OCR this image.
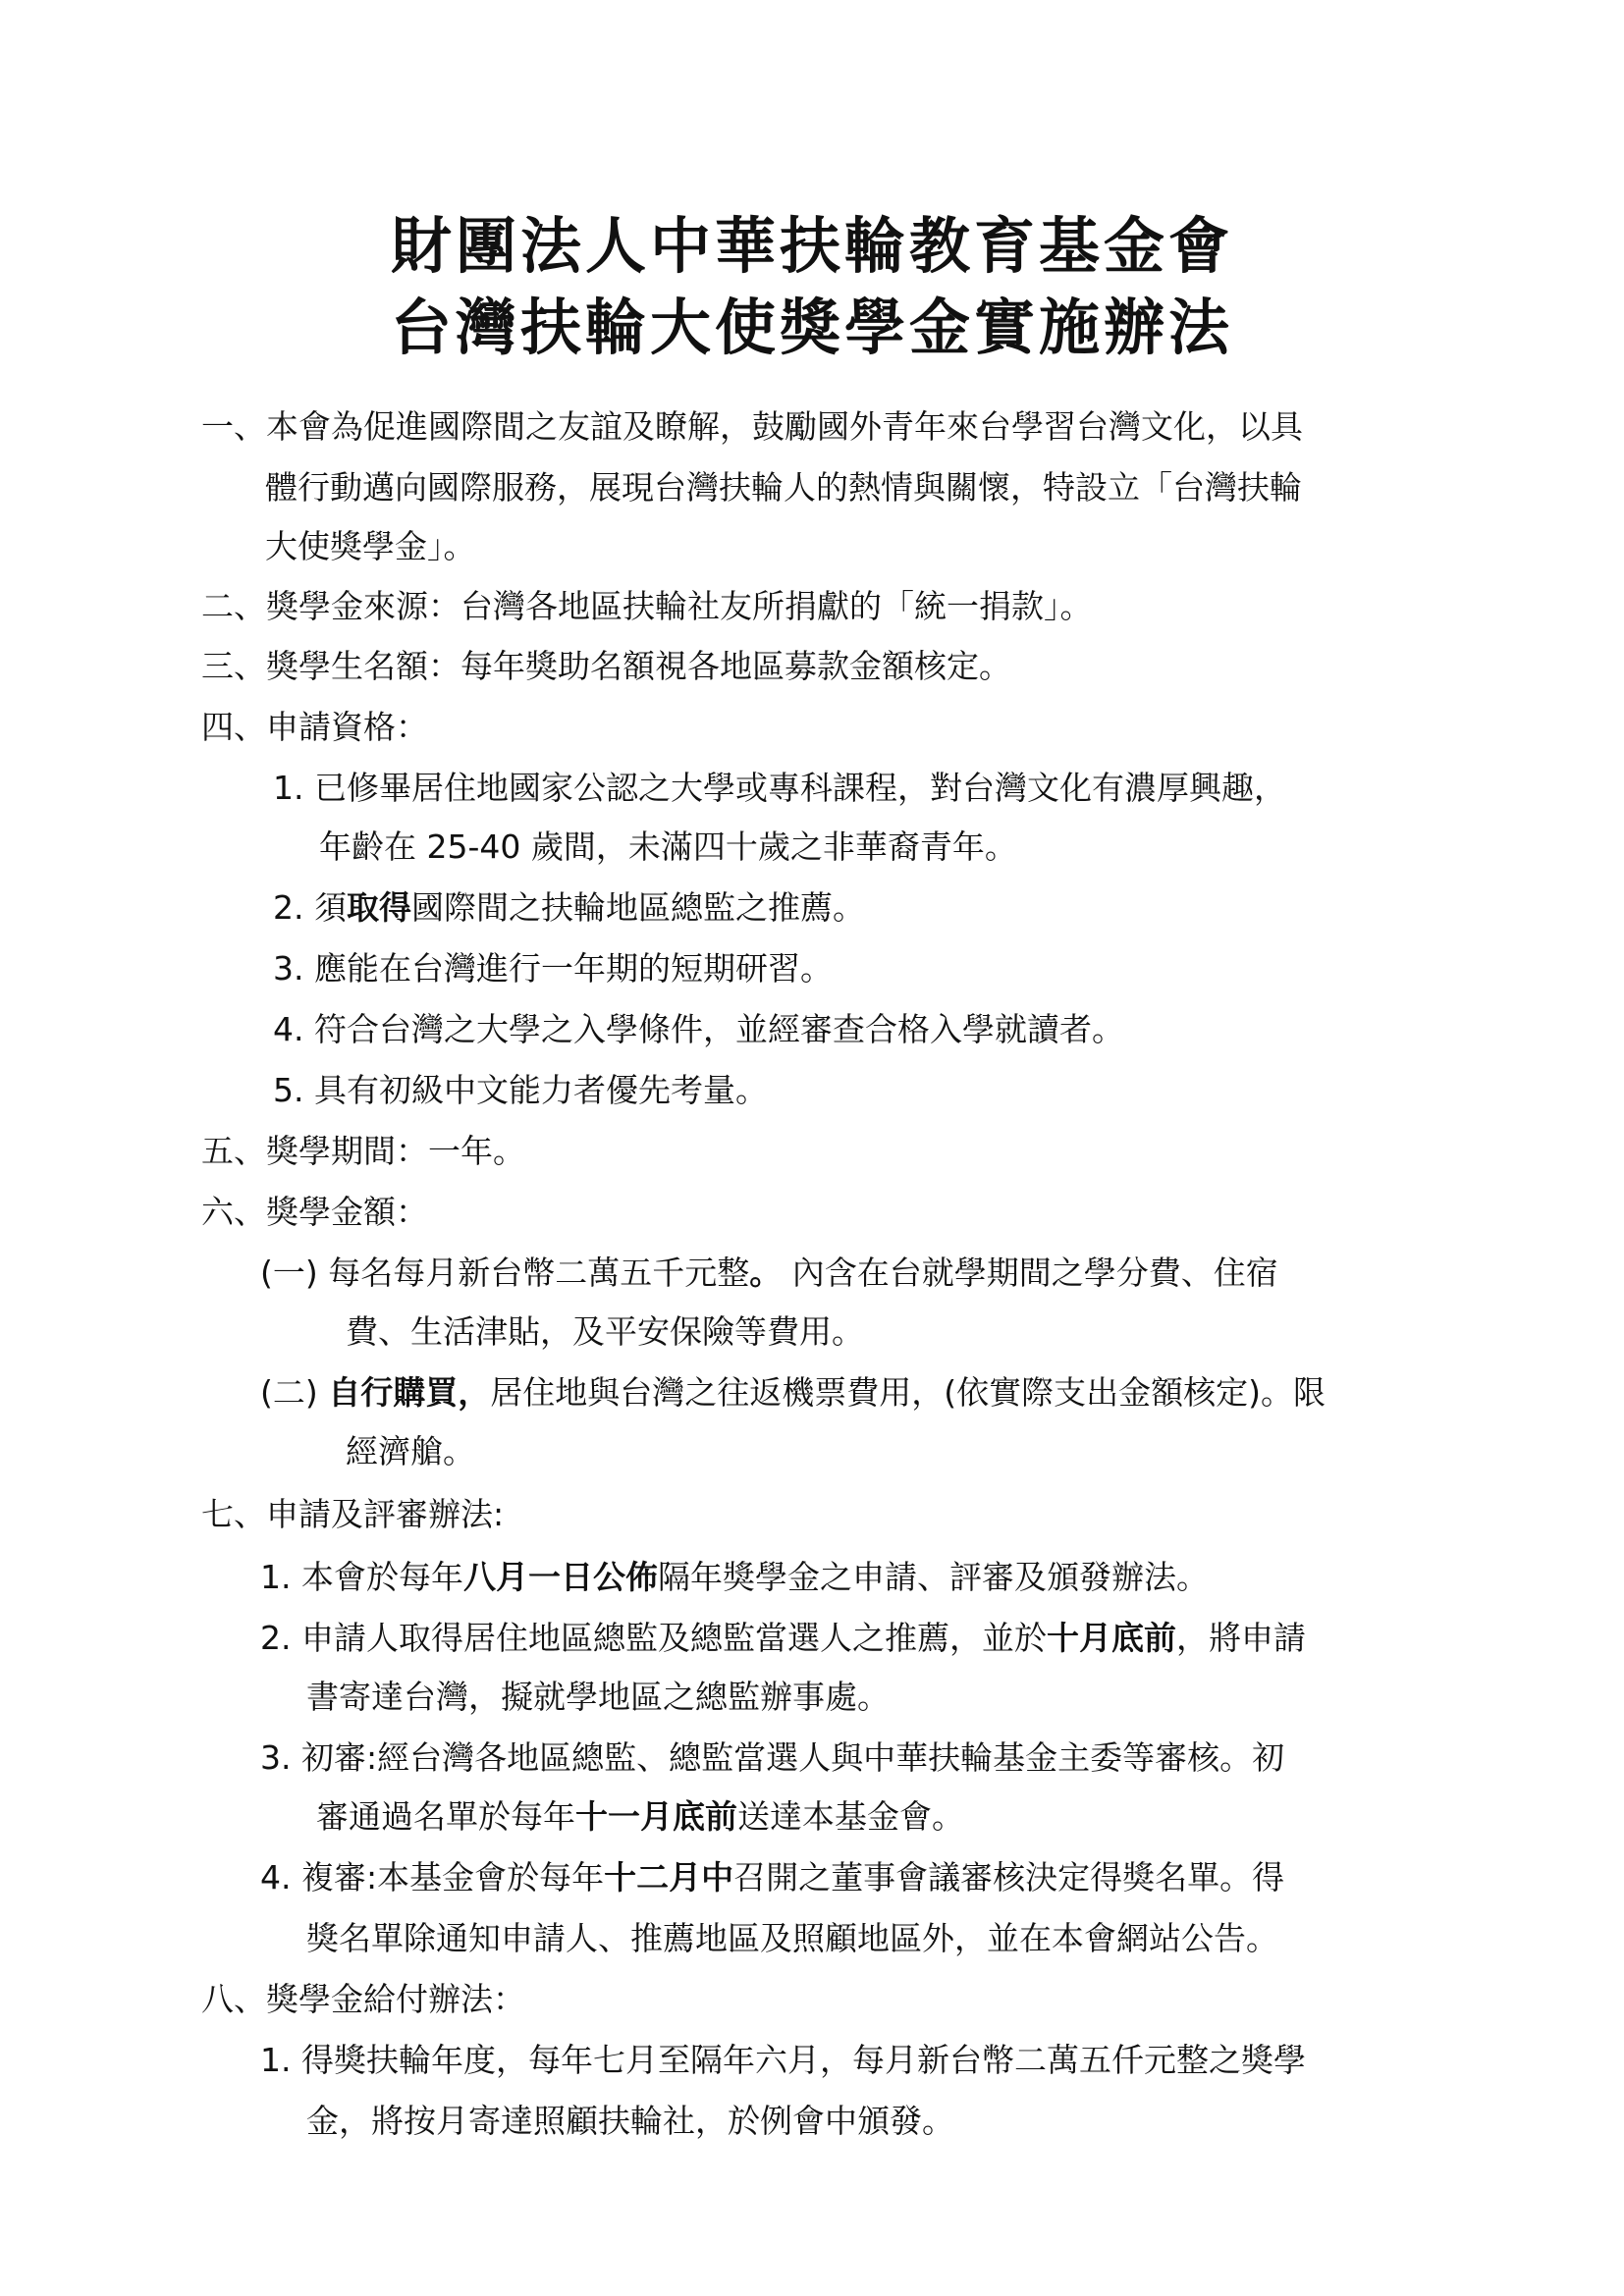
財團法人中華扶輪教育基金會
台灣扶輪大使獎學金實施辦法
一、本會為促進國際間之友誼及瞭解，鼓勵國外青年來台學習台灣文化，以具
體行動邁向國際服務，展現台灣扶輪人的熱情與關懷，特設立「台灣扶輪
大使獎學金」。
二、獎學金來源：台灣各地區扶輪社友所捐獻的「統一捐款」。
三、獎學生名額：每年獎助名額視各地區募款金額核定。
四、申請資格：
1. 已修畢居住地國家公認之大學或專科課程，對台灣文化有濃厚興趣，
年齡在 25-40 歲間，未滿四十歲之非華裔青年。
2. 須取得國際間之扶輪地區總監之推薦。
3. 應能在台灣進行一年期的短期研習。
4. 符合台灣之大學之入學條件，並經審查合格入學就讀者。
5. 具有初級中文能力者優先考量。
五、獎學期間：一年。
六、獎學金額：
(一) 每名每月新台幣二萬五千元整。 內含在台就學期間之學分費、住宿
費、生活津貼，及平安保險等費用。
(二) 自行購買，居住地與台灣之往返機票費用，(依實際支出金額核定)。限
經濟艙。
七、申請及評審辦法:
1. 本會於每年八月一日公佈隔年獎學金之申請、評審及頒發辦法。
2. 申請人取得居住地區總監及總監當選人之推薦，並於十月底前，將申請
書寄達台灣，擬就學地區之總監辦事處。
3. 初審:經台灣各地區總監、總監當選人與中華扶輪基金主委等審核。初
審通過名單於每年十一月底前送達本基金會。
4. 複審:本基金會於每年十二月中召開之董事會議審核決定得獎名單。得
獎名單除通知申請人、推薦地區及照顧地區外，並在本會網站公告。
八、獎學金給付辦法：
1. 得獎扶輪年度，每年七月至隔年六月，每月新台幣二萬五仟元整之獎學
金，將按月寄達照顧扶輪社，於例會中頒發。
